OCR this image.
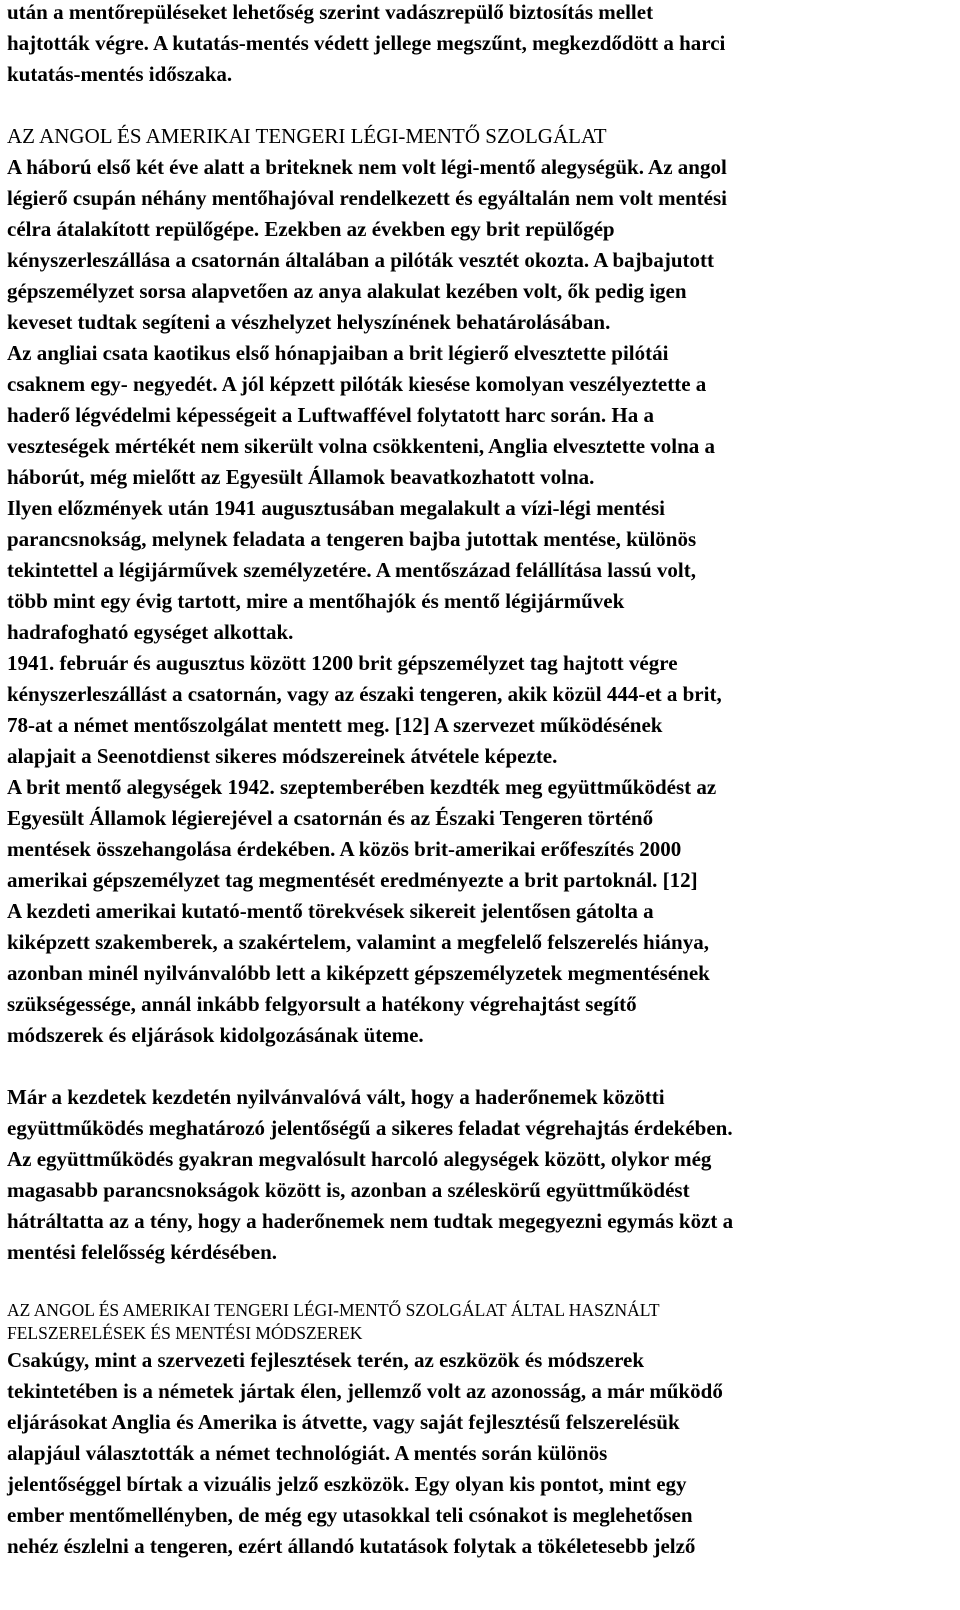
után a mentőrepüléseket lehetőség szerint vadászrepülő biztosítás mellet
hajtották végre. A kutatás-mentés védett jellege megszűnt, megkezdődött a harci
kutatás-mentés időszaka.
AZ ANGOL ÉS AMERIKAI TENGERI LÉGI-MENTŐ SZOLGÁLAT
A háború első két éve alatt a briteknek nem volt légi-mentő alegységük. Az angol
légierő csupán néhány mentőhajóval rendelkezett és egyáltalán nem volt mentési
célra átalakított repülőgépe. Ezekben az években egy brit repülőgép
kényszerleszállása a csatornán általában a pilóták vesztét okozta. A bajbajutott
gépszemélyzet sorsa alapvetően az anya alakulat kezében volt, ők pedig igen
keveset tudtak segíteni a vészhelyzet helyszínének behatárolásában.
Az angliai csata kaotikus első hónapjaiban a brit légierő elvesztette pilótái
csaknem egy- negyedét. A jól képzett pilóták kiesése komolyan veszélyeztette a
haderő légvédelmi képességeit a Luftwaffével folytatott harc során. Ha a
veszteségek mértékét nem sikerült volna csökkenteni, Anglia elvesztette volna a
háborút, még mielőtt az Egyesült Államok beavatkozhatott volna.
Ilyen előzmények után 1941 augusztusában megalakult a vízi-légi mentési
parancsnokság, melynek feladata a tengeren bajba jutottak mentése, különös
tekintettel a légijárművek személyzetére. A mentőszázad felállítása lassú volt,
több mint egy évig tartott, mire a mentőhajók és mentő légijárművek
hadrafogható egységet alkottak.
1941. február és augusztus között 1200 brit gépszemélyzet tag hajtott végre
kényszerleszállást a csatornán, vagy az északi tengeren, akik közül 444-et a brit,
78-at a német mentőszolgálat mentett meg. [12] A szervezet működésének
alapjait a Seenotdienst sikeres módszereinek átvétele képezte.
A brit mentő alegységek 1942. szeptemberében kezdték meg együttműködést az
Egyesült Államok légierejével a csatornán és az Északi Tengeren történő
mentések összehangolása érdekében. A közös brit-amerikai erőfeszítés 2000
amerikai gépszemélyzet tag megmentését eredményezte a brit partoknál. [12]
A kezdeti amerikai kutató-mentő törekvések sikereit jelentősen gátolta a
kiképzett szakemberek, a szakértelem, valamint a megfelelő felszerelés hiánya,
azonban minél nyilvánvalóbb lett a kiképzett gépszemélyzetek megmentésének
szükségessége, annál inkább felgyorsult a hatékony végrehajtást segítő
módszerek és eljárások kidolgozásának üteme.
Már a kezdetek kezdetén nyilvánvalóvá vált, hogy a haderőnemek közötti
együttműködés meghatározó jelentőségű a sikeres feladat végrehajtás érdekében.
Az együttműködés gyakran megvalósult harcoló alegységek között, olykor még
magasabb parancsnokságok között is, azonban a széleskörű együttműködést
hátráltatta az a tény, hogy a haderőnemek nem tudtak megegyezni egymás közt a
mentési felelősség kérdésében.
AZ ANGOL ÉS AMERIKAI TENGERI LÉGI-MENTŐ SZOLGÁLAT ÁLTAL HASZNÁLT
FELSZERELÉSEK ÉS MENTÉSI MÓDSZEREK
Csakúgy, mint a szervezeti fejlesztések terén, az eszközök és módszerek
tekintetében is a németek jártak élen, jellemző volt az azonosság, a már működő
eljárásokat Anglia és Amerika is átvette, vagy saját fejlesztésű felszerelésük
alapjául választották a német technológiát. A mentés során különös
jelentőséggel bírtak a vizuális jelző eszközök. Egy olyan kis pontot, mint egy
ember mentőmellényben, de még egy utasokkal teli csónakot is meglehetősen
nehéz észlelni a tengeren, ezért állandó kutatások folytak a tökéletesebb jelző
